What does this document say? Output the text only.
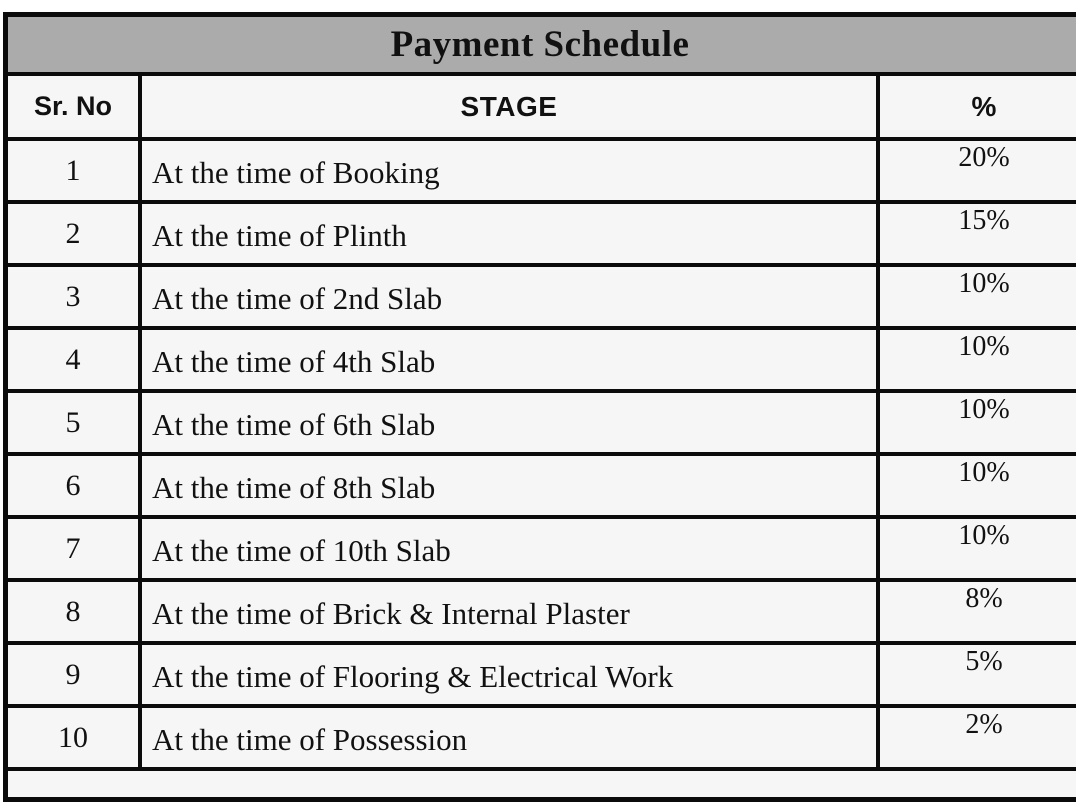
Payment Schedule
Sr. No	STAGE	%
1	At the time of Booking	20%
2	At the time of Plinth	15%
3	At the time of 2nd Slab	10%
4	At the time of 4th Slab	10%
5	At the time of 6th Slab	10%
6	At the time of 8th Slab	10%
7	At the time of 10th Slab	10%
8	At the time of Brick & Internal Plaster	8%
9	At the time of Flooring & Electrical Work	5%
10	At the time of Possession	2%
